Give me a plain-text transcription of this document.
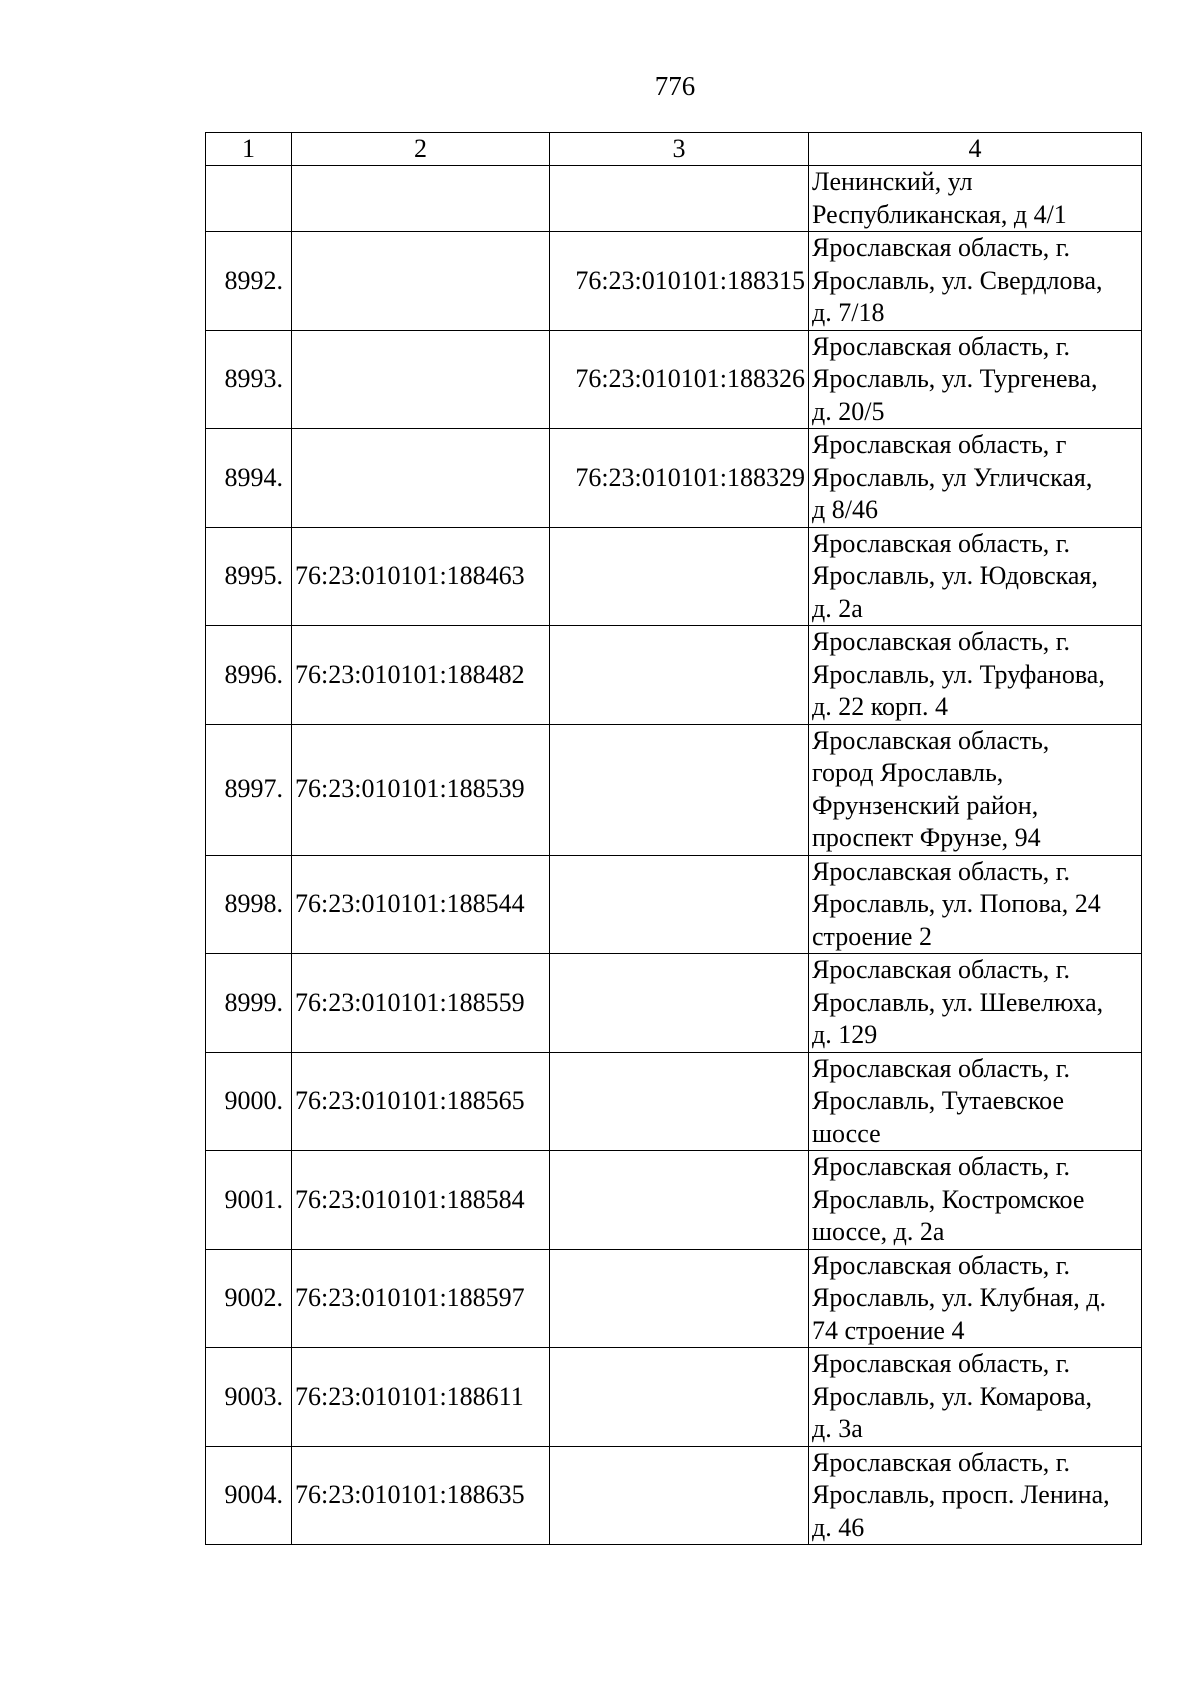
776
1	2	3	4

			Ленинский, ул
Республиканская, д 4/1

8992.		76:23:010101:188315	Ярославская область, г.
Ярославль, ул. Свердлова,
д. 7/18

8993.		76:23:010101:188326	Ярославская область, г.
Ярославль, ул. Тургенева,
д. 20/5

8994.		76:23:010101:188329	Ярославская область, г
Ярославль, ул Угличская,
д 8/46

8995.	76:23:010101:188463		Ярославская область, г.
Ярославль, ул. Юдовская,
д. 2а

8996.	76:23:010101:188482		Ярославская область, г.
Ярославль, ул. Труфанова,
д. 22 корп. 4

8997.	76:23:010101:188539		Ярославская область,
город Ярославль,
Фрунзенский район,
проспект Фрунзе, 94

8998.	76:23:010101:188544		Ярославская область, г.
Ярославль, ул. Попова, 24
строение 2

8999.	76:23:010101:188559		Ярославская область, г.
Ярославль, ул. Шевелюха,
д. 129

9000.	76:23:010101:188565		Ярославская область, г.
Ярославль, Тутаевское
шоссе

9001.	76:23:010101:188584		Ярославская область, г.
Ярославль, Костромское
шоссе, д. 2а

9002.	76:23:010101:188597		Ярославская область, г.
Ярославль, ул. Клубная, д.
74 строение 4

9003.	76:23:010101:188611		Ярославская область, г.
Ярославль, ул. Комарова,
д. 3а

9004.	76:23:010101:188635		Ярославская область, г.
Ярославль, просп. Ленина,
д. 46
